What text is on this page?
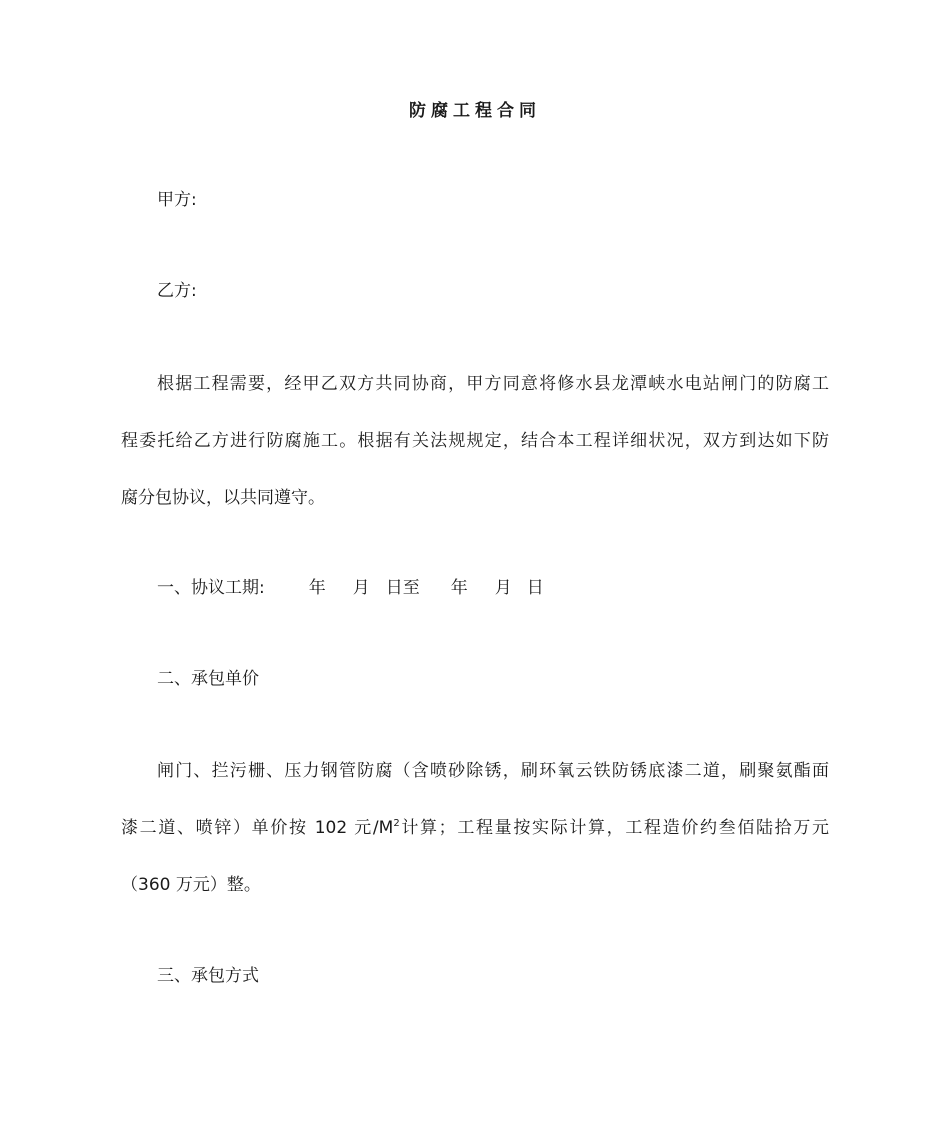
防腐工程合同
甲方:
乙方:
根据工程需要，经甲乙双方共同协商，甲方同意将修水县龙潭峡水电站闸门的防腐工
程委托给乙方进行防腐施工。根据有关法规规定，结合本工程详细状况，双方到达如下防
腐分包协议，以共同遵守。
一、协议工期:	年 月 日至 年 月 日
二、承包单价
闸门、拦污栅、压力钢管防腐（含喷砂除锈，刷环氧云铁防锈底漆二道，刷聚氨酯面
漆二道、喷锌）单价按 102 元$/M^2$计算；工程量按实际计算，工程造价约叁佰陆拾万元
（360 万元）整。
三、承包方式
